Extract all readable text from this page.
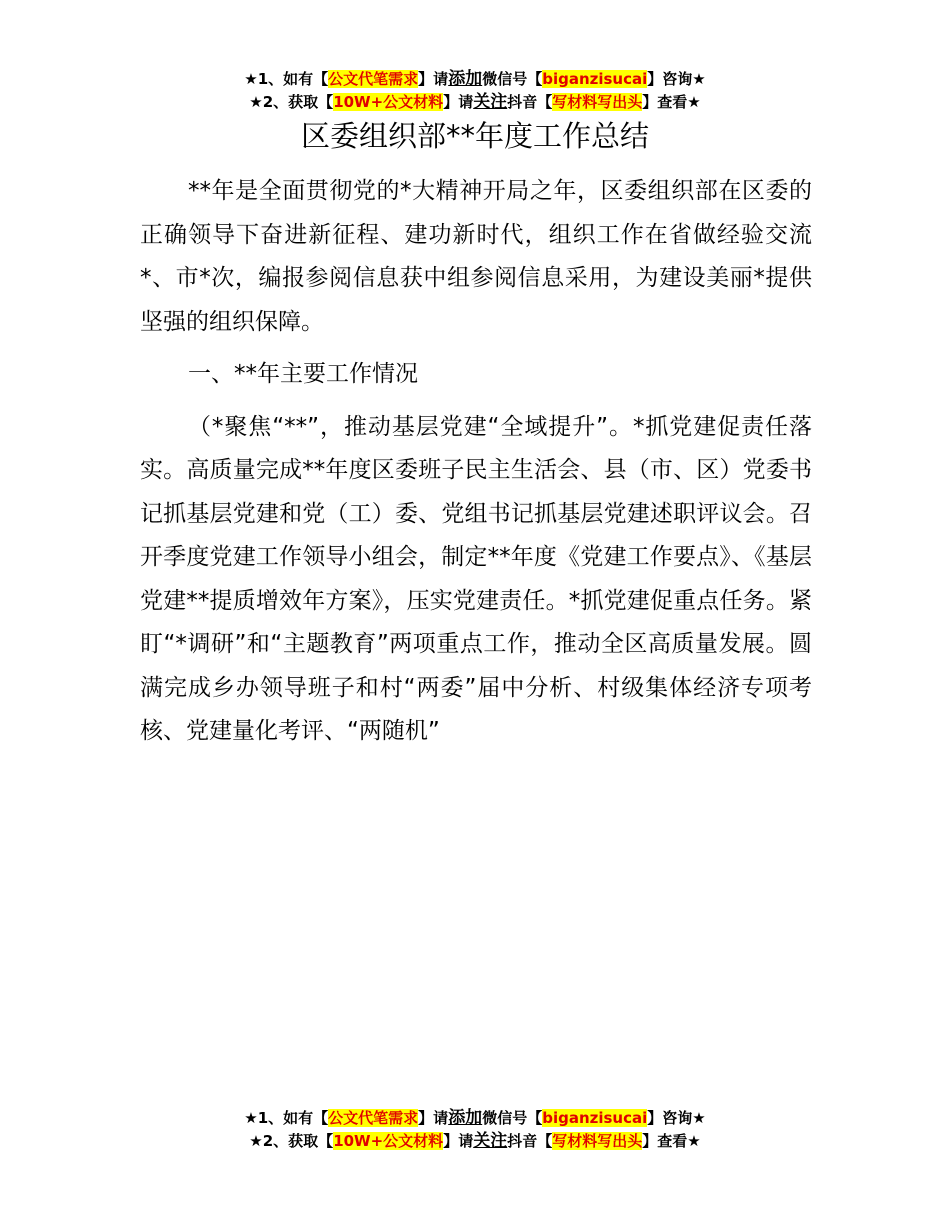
★1、如有【公文代笔需求】请添加微信号【biganzisucai】咨询★
★2、获取【10W+公文材料】请关注抖音【写材料写出头】查看★
区委组织部**年度工作总结

**年是全面贯彻党的*大精神开局之年，区委组织部在区委的正确领导下奋进新征程、建功新时代，组织工作在省做经验交流*、市*次，编报参阅信息获中组参阅信息采用，为建设美丽*提供坚强的组织保障。

一、**年主要工作情况

（*聚焦“**”，推动基层党建“全域提升”。*抓党建促责任落实。高质量完成**年度区委班子民主生活会、县（市、区）党委书记抓基层党建和党（工）委、党组书记抓基层党建述职评议会。召开季度党建工作领导小组会，制定**年度《党建工作要点》、《基层党建**提质增效年方案》，压实党建责任。*抓党建促重点任务。紧盯“*调研”和“主题教育”两项重点工作，推动全区高质量发展。圆满完成乡办领导班子和村“两委”届中分析、村级集体经济专项考核、党建量化考评、“两随机”

★1、如有【公文代笔需求】请添加微信号【biganzisucai】咨询★
★2、获取【10W+公文材料】请关注抖音【写材料写出头】查看★
